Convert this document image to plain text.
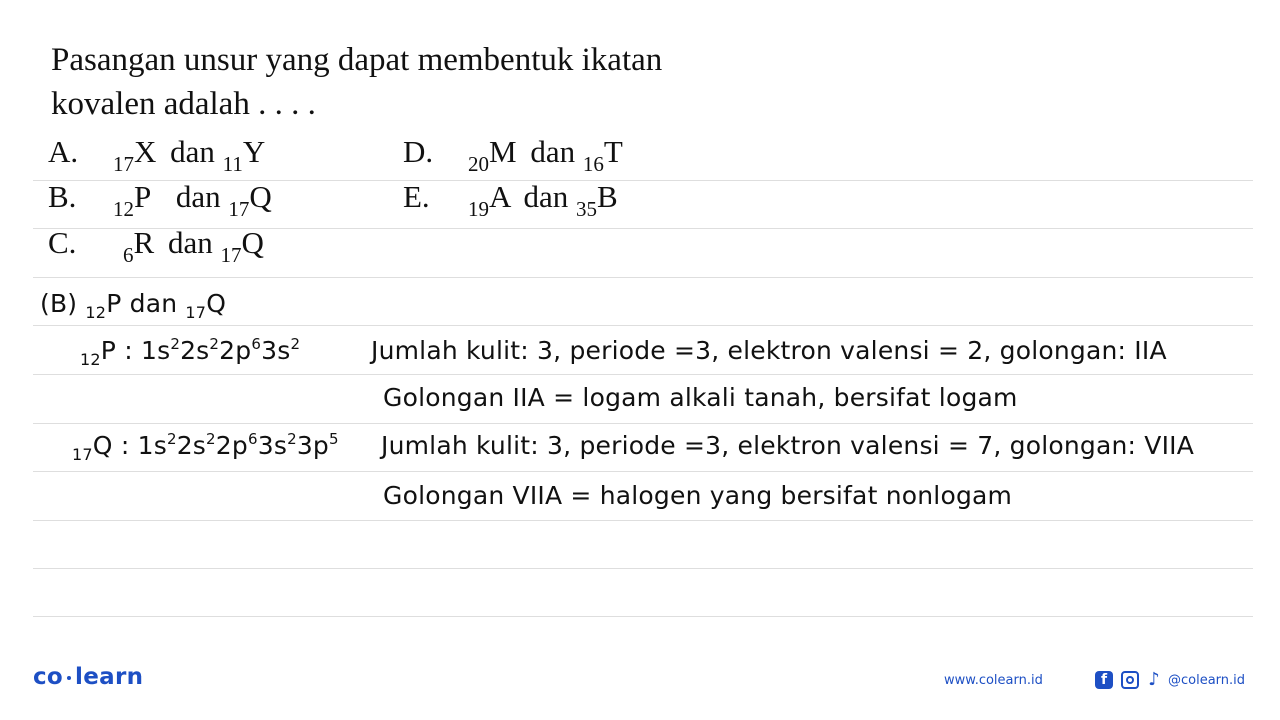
Pasangan unsur yang dapat membentuk ikatan
kovalen adalah . . . .
A. $_{17}$X dan $_{11}$Y
B. $_{12}$P dan $_{17}$Q
C. $_6$R dan $_{17}$Q
D. $_{20}$M dan $_{16}$T
E. $_{19}$A dan $_{35}$B
(B) $_{12}$P dan $_{17}$Q
$_{12}$P : $1s^22s^22p^63s^2$	Jumlah kulit: 3, periode =3, elektron valensi = 2, golongan: IIA
Golongan IIA = logam alkali tanah, bersifat logam
$_{17}$Q : $1s^22s^22p^63s^23p^5$ Jumlah kulit: 3, periode =3, elektron valensi = 7, golongan: VIIA
Golongan VIIA = halogen yang bersifat nonlogam
co learn	www.colearn.id	f ♪ @colearn.id
